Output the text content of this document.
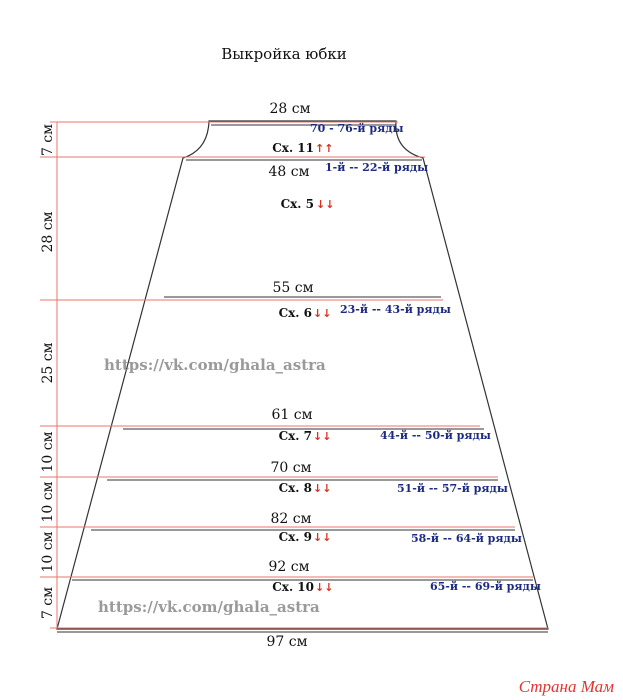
Выкройка юбки
28 см
48 см
55 см
61 см
70 см
82 см
92 см
97 см
7 см
28 см
25 см
10 см
10 см
10 см
7 см
Сх. 11 ↑↑
70 - 76-й ряды
Сх. 5 ↓↓
1-й -- 22-й ряды
Сх. 6 ↓↓ 23-й -- 43-й ряды
Сх. 7 ↓↓	44-й -- 50-й ряды
Сх. 8 ↓↓	51-й -- 57-й ряды
Сх. 9 ↓↓	58-й -- 64-й ряды
Сх. 10 ↓↓	65-й -- 69-й ряды
https://vk.com/ghala_astra
https://vk.com/ghala_astra
Страна Мам
